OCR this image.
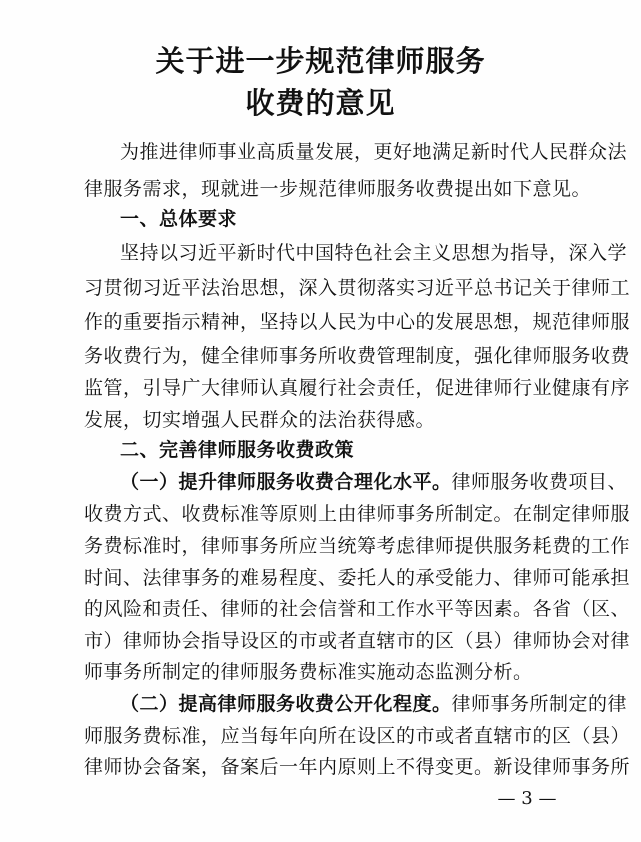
关于进一步规范律师服务
收费的意见
为推进律师事业高质量发展，更好地满足新时代人民群众法
律服务需求，现就进一步规范律师服务收费提出如下意见。
一、总体要求
坚持以习近平新时代中国特色社会主义思想为指导，深入学
习贯彻习近平法治思想，深入贯彻落实习近平总书记关于律师工
作的重要指示精神，坚持以人民为中心的发展思想，规范律师服
务收费行为，健全律师事务所收费管理制度，强化律师服务收费
监管，引导广大律师认真履行社会责任，促进律师行业健康有序
发展，切实增强人民群众的法治获得感。
二、完善律师服务收费政策
（一）提升律师服务收费合理化水平。律师服务收费项目、
收费方式、收费标准等原则上由律师事务所制定。在制定律师服
务费标准时，律师事务所应当统筹考虑律师提供服务耗费的工作
时间、法律事务的难易程度、委托人的承受能力、律师可能承担
的风险和责任、律师的社会信誉和工作水平等因素。各省（区、
市）律师协会指导设区的市或者直辖市的区（县）律师协会对律
师事务所制定的律师服务费标准实施动态监测分析。
（二）提高律师服务收费公开化程度。律师事务所制定的律
师服务费标准，应当每年向所在设区的市或者直辖市的区（县）
律师协会备案，备案后一年内原则上不得变更。新设律师事务所
— 3 —
